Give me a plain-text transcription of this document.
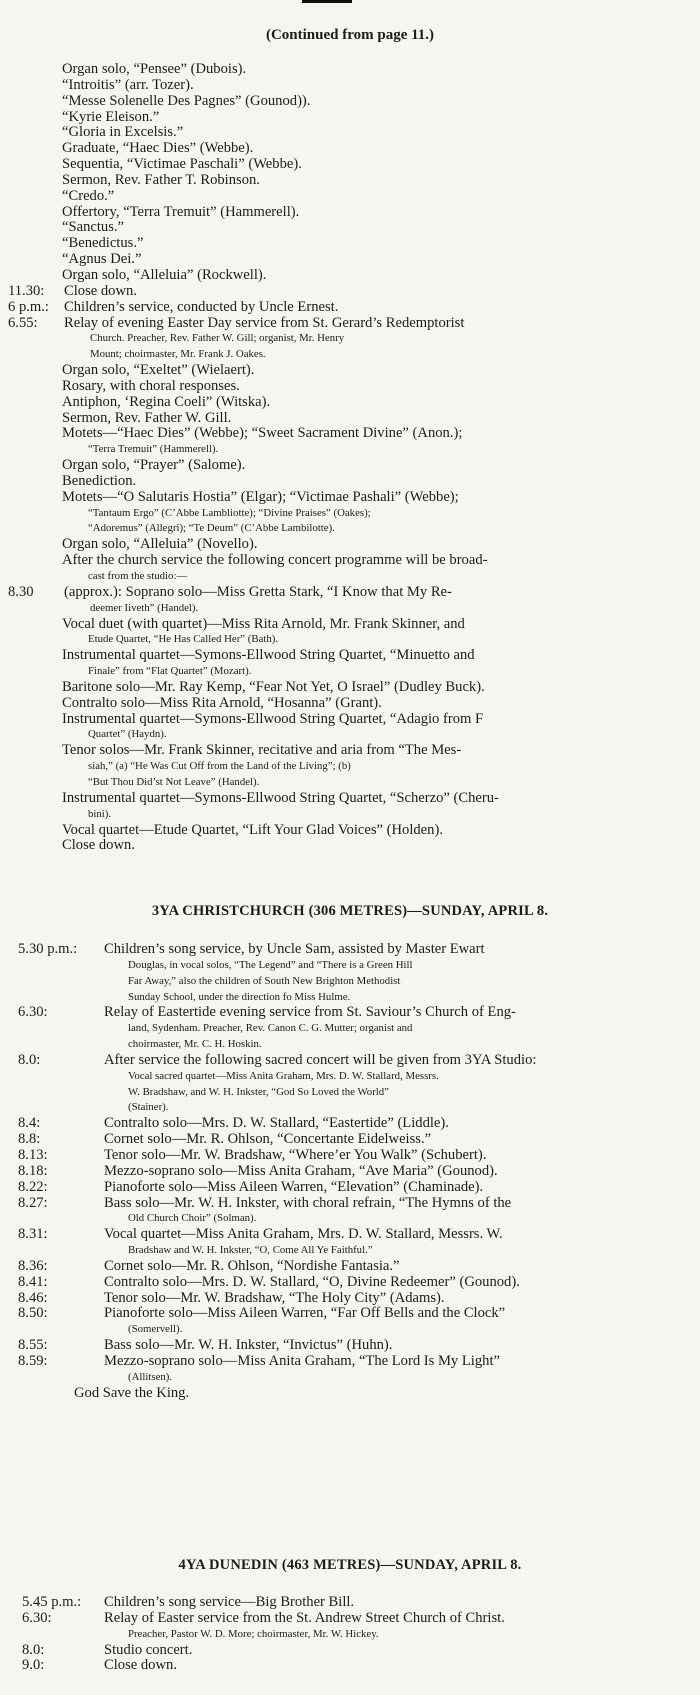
(Continued from page 11.)
Organ solo, “Pensee” (Dubois).
“Introitis” (arr. Tozer).
“Messe Solenelle Des Pagnes” (Gounod)).
“Kyrie Eleison.”
“Gloria in Excelsis.”
Graduate, “Haec Dies” (Webbe).
Sequentia, “Victimae Paschali” (Webbe).
Sermon, Rev. Father T. Robinson.
“Credo.”
Offertory, “Terra Tremuit” (Hammerell).
“Sanctus.”
“Benedictus.”
“Agnus Dei.”
Organ solo, “Alleluia” (Rockwell).
11.30: Close down.
6 p.m.: Children’s service, conducted by Uncle Ernest.
6.55: Relay of evening Easter Day service from St. Gerard’s Redemptorist
Church. Preacher, Rev. Father W. Gill; organist, Mr. Henry
Mount; choirmaster, Mr. Frank J. Oakes.
Organ solo, “Exeltet” (Wielaert).
Rosary, with choral responses.
Antiphon, ‘Regina Coeli” (Witska).
Sermon, Rev. Father W. Gill.
Motets—“Haec Dies” (Webbe); “Sweet Sacrament Divine” (Anon.);
“Terra Tremuit” (Hammerell).
Organ solo, “Prayer” (Salome).
Benediction.
Motets—“O Salutaris Hostia” (Elgar); “Victimae Pashali” (Webbe);
“Tantaum Ergo” (C’Abbe Lambliotte); “Divine Praises” (Oakes);
“Adoremus” (Allegri); “Te Deum” (C’Abbe Lambilotte).
Organ solo, “Alleluia” (Novello).
After the church service the following concert programme will be broad-
cast from the studio:—
8.30 (approx.): Soprano solo—Miss Gretta Stark, “I Know that My Re-
deemer Iiveth” (Handel).
Vocal duet (with quartet)—Miss Rita Arnold, Mr. Frank Skinner, and
Etude Quartet, “He Has Called Her” (Bath).
Instrumental quartet—Symons-Ellwood String Quartet, “Minuetto and
Finale” from “Flat Quartet” (Mozart).
Baritone solo—Mr. Ray Kemp, “Fear Not Yet, O Israel” (Dudley Buck).
Contralto solo—Miss Rita Arnold, “Hosanna” (Grant).
Instrumental quartet—Symons-Ellwood String Quartet, “Adagio from F
Quartet” (Haydn).
Tenor solos—Mr. Frank Skinner, recitative and aria from “The Mes-
siah,” (a) “He Was Cut Off from the Land of the Living”; (b)
“But Thou Did’st Not Leave” (Handel).
Instrumental quartet—Symons-Ellwood String Quartet, “Scherzo” (Cheru-
bini).
Vocal quartet—Etude Quartet, “Lift Your Glad Voices” (Holden).
Close down.
3YA CHRISTCHURCH (306 METRES)—SUNDAY, APRIL 8.
5.30 p.m.: Children’s song service, by Uncle Sam, assisted by Master Ewart
Douglas, in vocal solos, “The Legend” and “There is a Green Hill
Far Away,” also the children of South New Brighton Methodist
Sunday School, under the direction fo Miss Hulme.
6.30:	Relay of Eastertide evening service from St. Saviour’s Church of Eng-
land, Sydenham. Preacher, Rev. Canon C. G. Mutter; organist and
choirmaster, Mr. C. H. Hoskin.
8.0:	After service the following sacred concert will be given from 3YA Studio:
Vocal sacred quartet—Miss Anita Graham, Mrs. D. W. Stallard, Messrs.
W. Bradshaw, and W. H. Inkster, “God So Loved the World”
(Stainer).
8.4:	Contralto solo—Mrs. D. W. Stallard, “Eastertide” (Liddle).
8.8:	Cornet solo—Mr. R. Ohlson, “Concertante Eidelweiss.”
8.13:	Tenor solo—Mr. W. Bradshaw, “Where’er You Walk” (Schubert).
8.18:	Mezzo-soprano solo—Miss Anita Graham, “Ave Maria” (Gounod).
8.22:	Pianoforte solo—Miss Aileen Warren, “Elevation” (Chaminade).
8.27:	Bass solo—Mr. W. H. Inkster, with choral refrain, “The Hymns of the
Old Church Choir” (Solman).
8.31:	Vocal quartet—Miss Anita Graham, Mrs. D. W. Stallard, Messrs. W.
Bradshaw and W. H. Inkster, “O, Come All Ye Faithful.”
8.36:	Cornet solo—Mr. R. Ohlson, “Nordishe Fantasia.”
8.41:	Contralto solo—Mrs. D. W. Stallard, “O, Divine Redeemer” (Gounod).
8.46:	Tenor solo—Mr. W. Bradshaw, “The Holy City” (Adams).
8.50:	Pianoforte solo—Miss Aileen Warren, “Far Off Bells and the Clock”
(Somervell).
8.55:	Bass solo—Mr. W. H. Inkster, “Invictus” (Huhn).
8.59:	Mezzo-soprano solo—Miss Anita Graham, “The Lord Is My Light”
(Allitsen).
God Save the King.
4YA DUNEDIN (463 METRES)—SUNDAY, APRIL 8.
5.45 p.m.: Children’s song service—Big Brother Bill.
6.30:	Relay of Easter service from the St. Andrew Street Church of Christ.
Preacher, Pastor W. D. More; choirmaster, Mr. W. Hickey.
8.0:	Studio concert.
9.0:	Close down.
